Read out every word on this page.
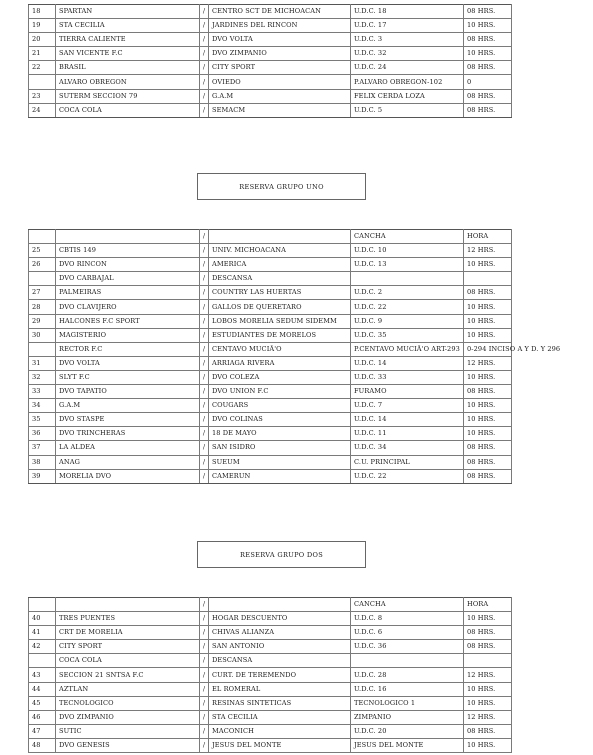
18	SPARTAN	/	CENTRO SCT DE MICHOACAN	U.D.C. 18	08 HRS.
19	STA CECILIA	/	JARDINES DEL RINCON	U.D.C. 17	10 HRS.
20	TIERRA CALIENTE	/	DVO VOLTA	U.D.C. 3	08 HRS.
21	SAN VICENTE F.C	/	DVO ZIMPANIO	U.D.C. 32	10 HRS.
22	BRASIL	/	CITY SPORT	U.D.C. 24	08 HRS.
	ALVARO OBREGON	/	OVIEDO	P.ALVARO OBREGON-102	0
23	SUTERM SECCION 79	/	G.A.M	FELIX CERDA LOZA	08 HRS.
24	COCA COLA	/	SEMACM	U.D.C. 5	08 HRS.
RESERVA GRUPO UNO
		/		CANCHA	HORA
25	CBTIS 149	/	UNIV. MICHOACANA	U.D.C. 10	12 HRS.
26	DVO RINCON	/	AMERICA	U.D.C. 13	10 HRS.
	DVO CARBAJAL	/	DESCANSA		
27	PALMEIRAS	/	COUNTRY LAS HUERTAS	U.D.C. 2	08 HRS.
28	DVO CLAVIJERO	/	GALLOS DE QUERETARO	U.D.C. 22	10 HRS.
29	HALCONES F.C SPORT	/	LOBOS MORELIA SEDUM SIDEMM	U.D.C. 9	10 HRS.
30	MAGISTERIO	/	ESTUDIANTES DE MORELOS	U.D.C. 35	10 HRS.
	RECTOR F.C	/	CENTAVO MUCIÃ'O	P.CENTAVO MUCIÃ'O ART-293	0-294 INCISO A Y D. Y 296
31	DVO VOLTA	/	ARRIAGA RIVERA	U.D.C. 14	12 HRS.
32	SLYT F.C	/	DVO COLEZA	U.D.C. 33	10 HRS.
33	DVO TAPATIO	/	DVO UNION F.C	FURAMO	08 HRS.
34	G.A.M	/	COUGARS	U.D.C. 7	10 HRS.
35	DVO STASPE	/	DVO COLINAS	U.D.C. 14	10 HRS.
36	DVO TRINCHERAS	/	18 DE MAYO	U.D.C. 11	10 HRS.
37	LA ALDEA	/	SAN ISIDRO	U.D.C. 34	08 HRS.
38	ANAG	/	SUEUM	C.U. PRINCIPAL	08 HRS.
39	MORELIA DVO	/	CAMERUN	U.D.C. 22	08 HRS.
RESERVA GRUPO DOS
		/		CANCHA	HORA
40	TRES PUENTES	/	HOGAR DESCUENTO	U.D.C. 8	10 HRS.
41	CRT DE MORELIA	/	CHIVAS ALIANZA	U.D.C. 6	08 HRS.
42	CITY SPORT	/	SAN ANTONIO	U.D.C. 36	08 HRS.
	COCA COLA	/	DESCANSA		
43	SECCION 21 SNTSA F.C	/	CURT. DE TEREMENDO	U.D.C. 28	12 HRS.
44	AZTLAN	/	EL ROMERAL	U.D.C. 16	10 HRS.
45	TECNOLOGICO	/	RESINAS SINTETICAS	TECNOLOGICO 1	10 HRS.
46	DVO ZIMPANIO	/	STA CECILIA	ZIMPANIO	12 HRS.
47	SUTIC	/	MACONICH	U.D.C. 20	08 HRS.
48	DVO GENESIS	/	JESUS DEL MONTE	JESUS DEL MONTE	10 HRS.
